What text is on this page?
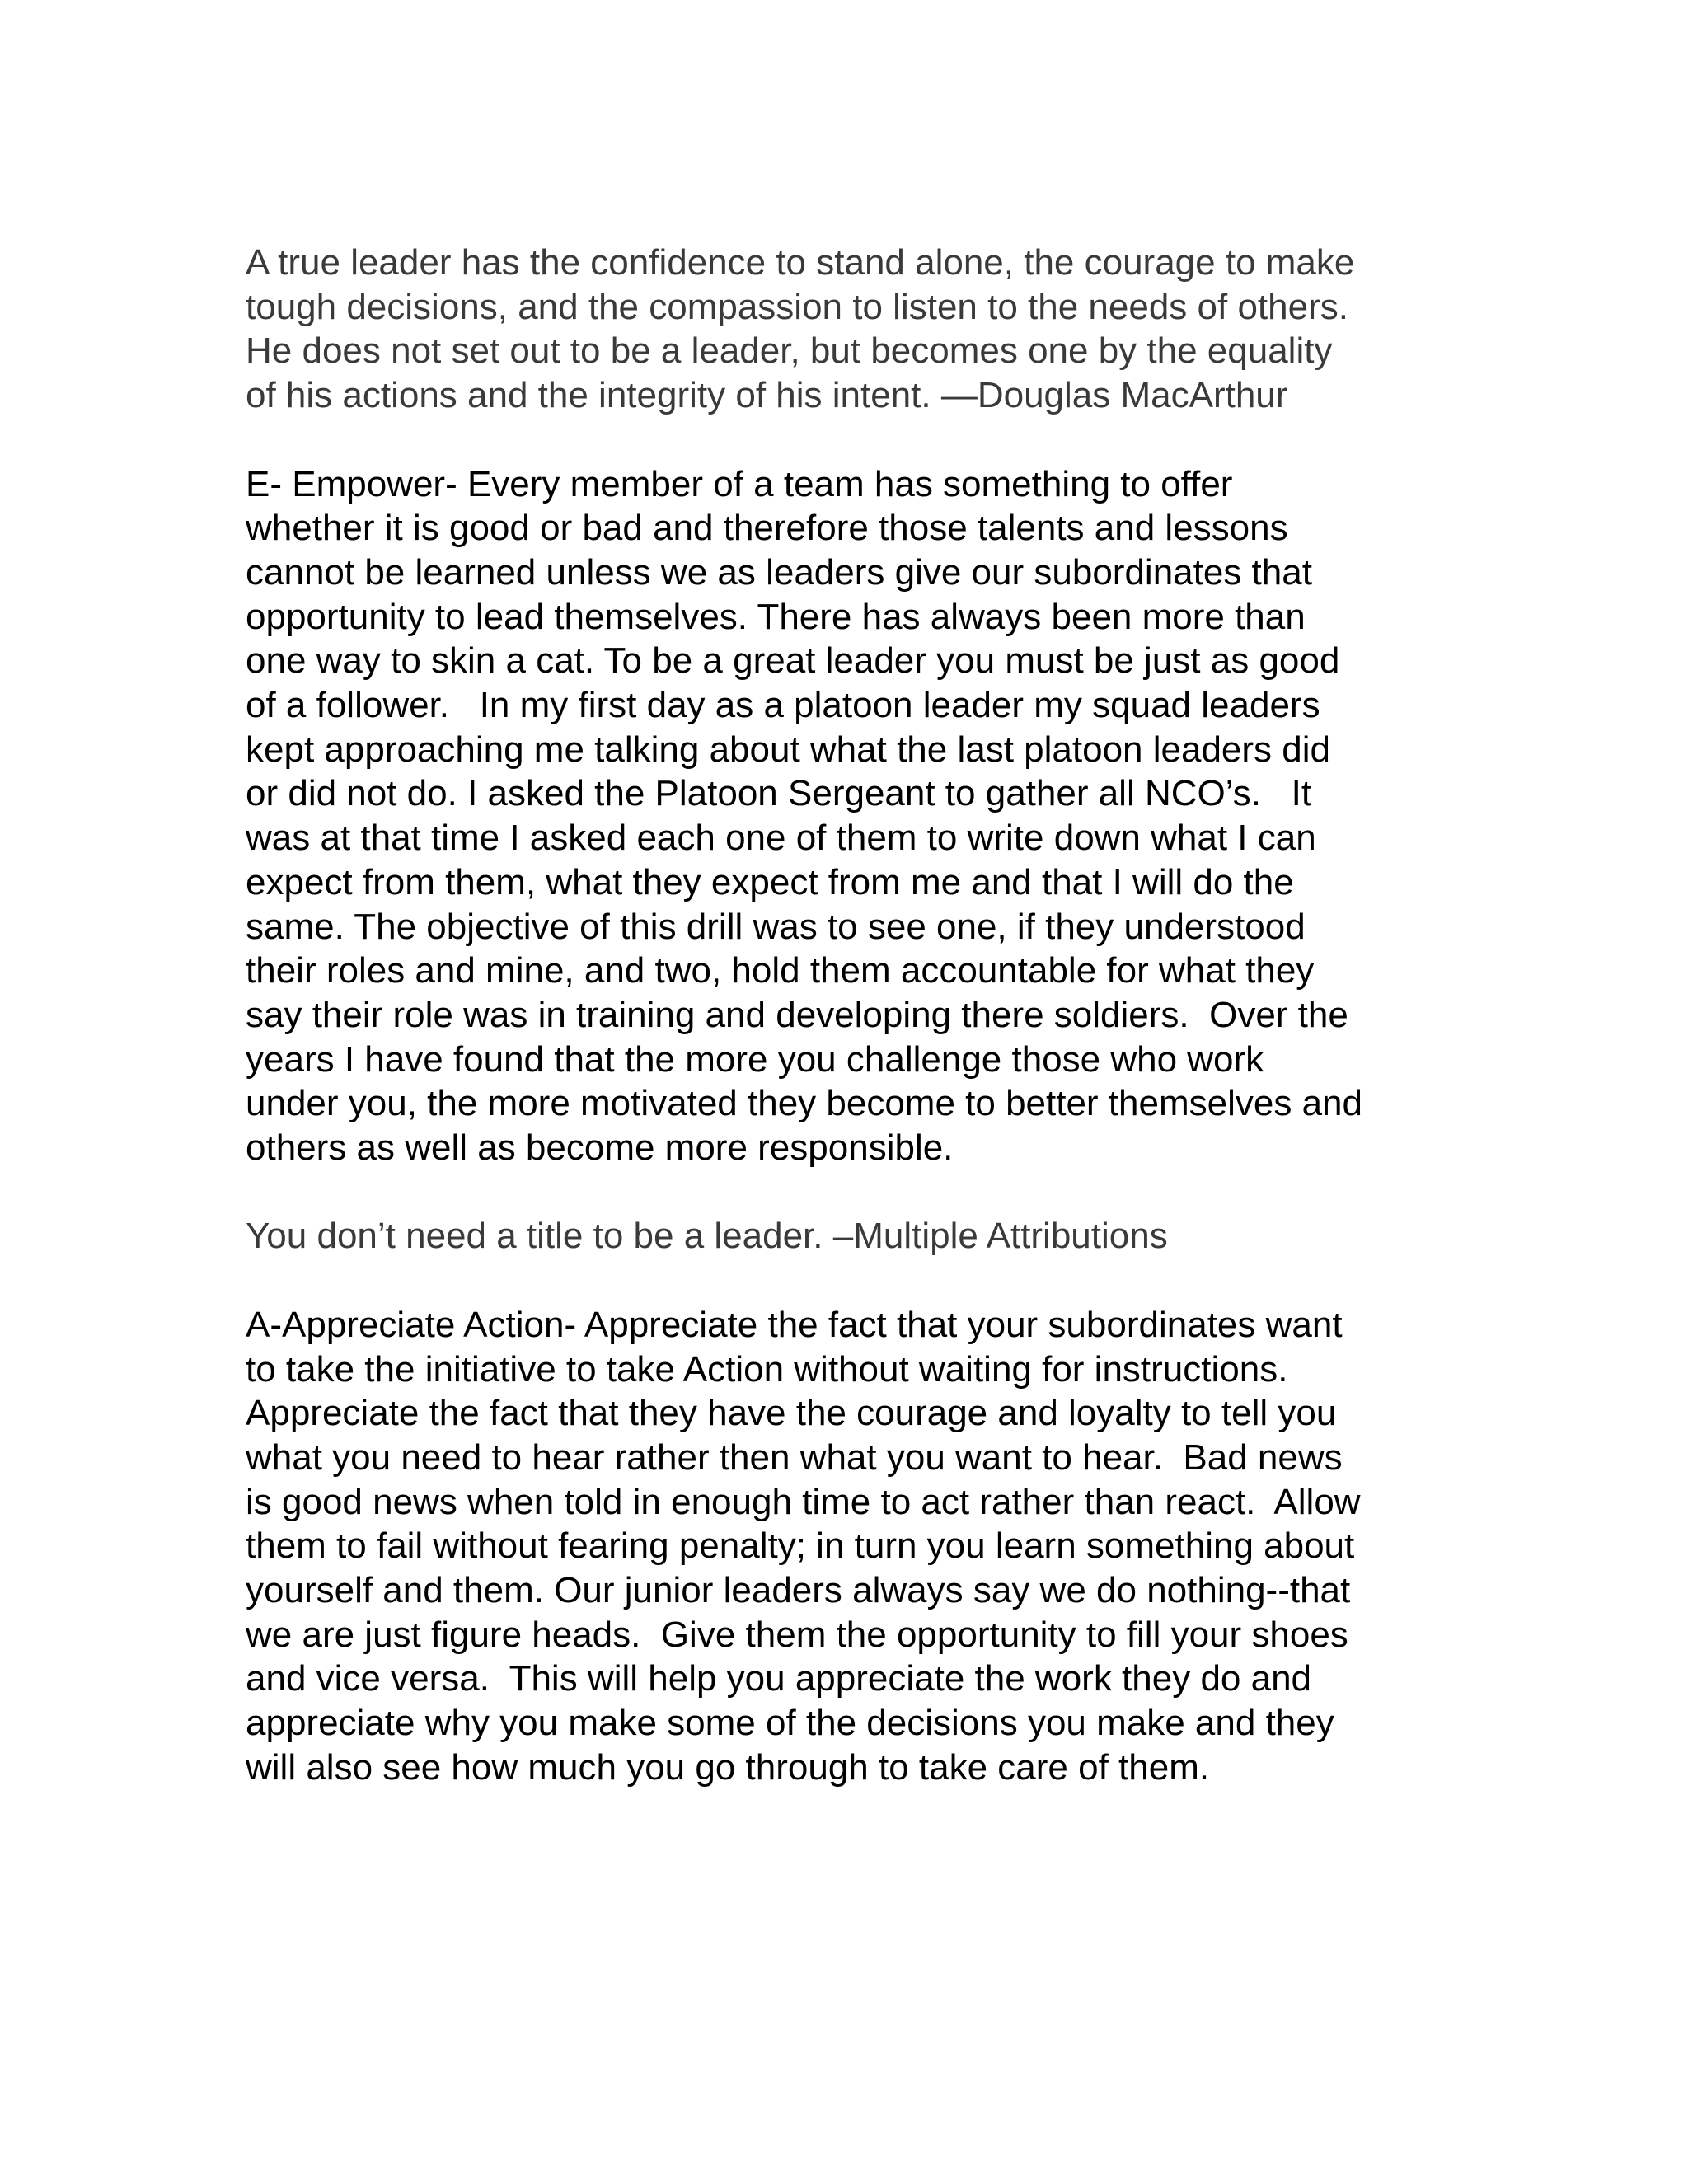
A true leader has the confidence to stand alone, the courage to make
tough decisions, and the compassion to listen to the needs of others.
He does not set out to be a leader, but becomes one by the equality
of his actions and the integrity of his intent. —Douglas MacArthur
E- Empower- Every member of a team has something to offer
whether it is good or bad and therefore those talents and lessons
cannot be learned unless we as leaders give our subordinates that
opportunity to lead themselves. There has always been more than
one way to skin a cat. To be a great leader you must be just as good
of a follower.   In my first day as a platoon leader my squad leaders
kept approaching me talking about what the last platoon leaders did
or did not do. I asked the Platoon Sergeant to gather all NCO’s.   It
was at that time I asked each one of them to write down what I can
expect from them, what they expect from me and that I will do the
same. The objective of this drill was to see one, if they understood
their roles and mine, and two, hold them accountable for what they
say their role was in training and developing there soldiers.  Over the
years I have found that the more you challenge those who work
under you, the more motivated they become to better themselves and
others as well as become more responsible.
You don’t need a title to be a leader. –Multiple Attributions
A-Appreciate Action- Appreciate the fact that your subordinates want
to take the initiative to take Action without waiting for instructions.
Appreciate the fact that they have the courage and loyalty to tell you
what you need to hear rather then what you want to hear.  Bad news
is good news when told in enough time to act rather than react.  Allow
them to fail without fearing penalty; in turn you learn something about
yourself and them. Our junior leaders always say we do nothing--that
we are just figure heads.  Give them the opportunity to fill your shoes
and vice versa.  This will help you appreciate the work they do and
appreciate why you make some of the decisions you make and they
will also see how much you go through to take care of them.
